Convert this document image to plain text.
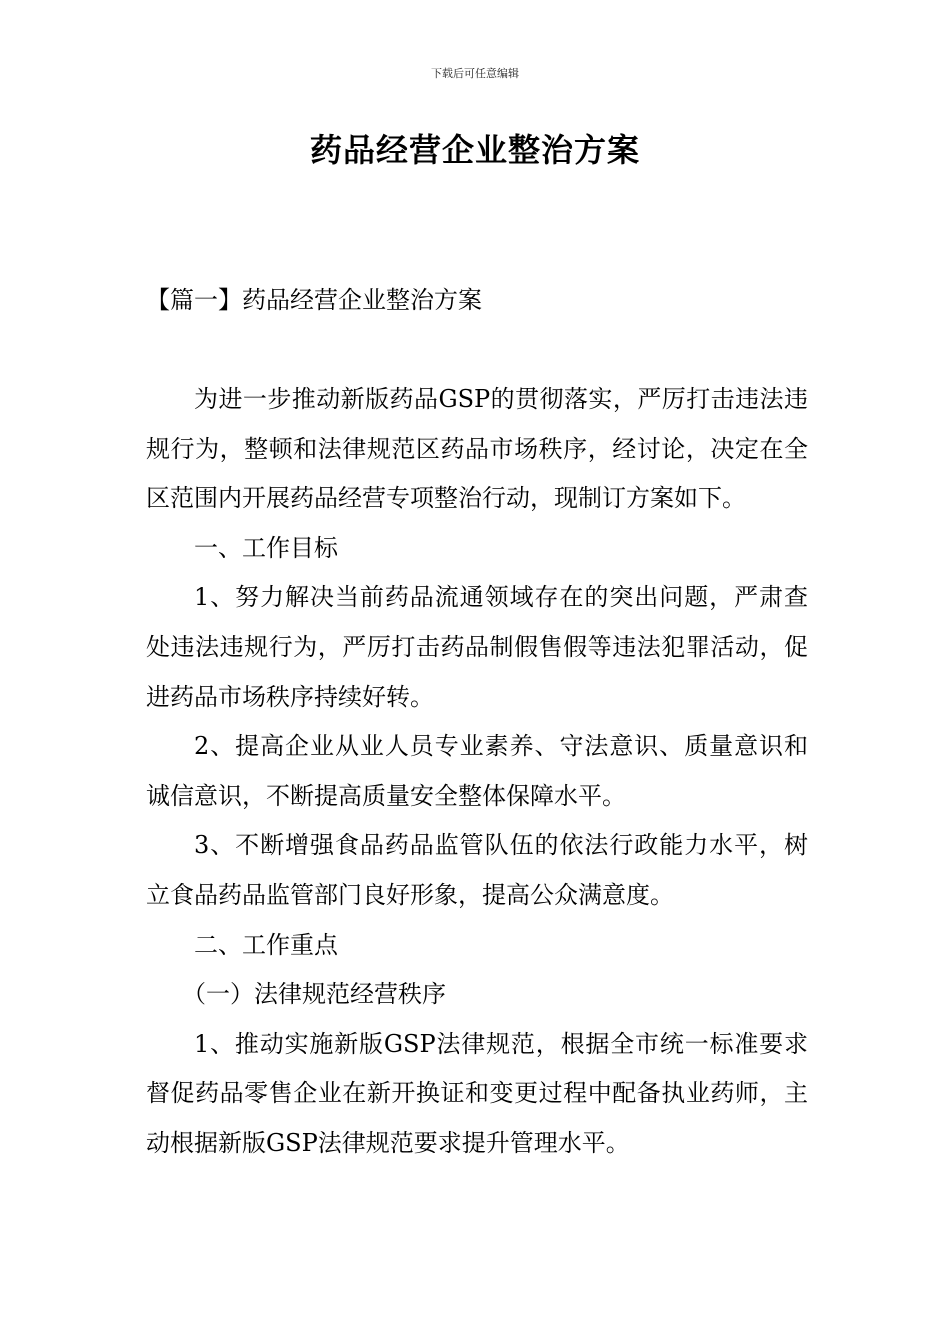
下载后可任意编辑
药品经营企业整治方案
【篇一】药品经营企业整治方案

为进一步推动新版药品GSP的贯彻落实，严厉打击违法违规行为，整顿和法律规范区药品市场秩序，经讨论，决定在全区范围内开展药品经营专项整治行动，现制订方案如下。

一、工作目标

1、努力解决当前药品流通领域存在的突出问题，严肃查处违法违规行为，严厉打击药品制假售假等违法犯罪活动，促进药品市场秩序持续好转。

2、提高企业从业人员专业素养、守法意识、质量意识和诚信意识，不断提高质量安全整体保障水平。

3、不断增强食品药品监管队伍的依法行政能力水平，树立食品药品监管部门良好形象，提高公众满意度。

二、工作重点

（一）法律规范经营秩序

1、推动实施新版GSP法律规范，根据全市统一标准要求督促药品零售企业在新开换证和变更过程中配备执业药师，主动根据新版GSP法律规范要求提升管理水平。
